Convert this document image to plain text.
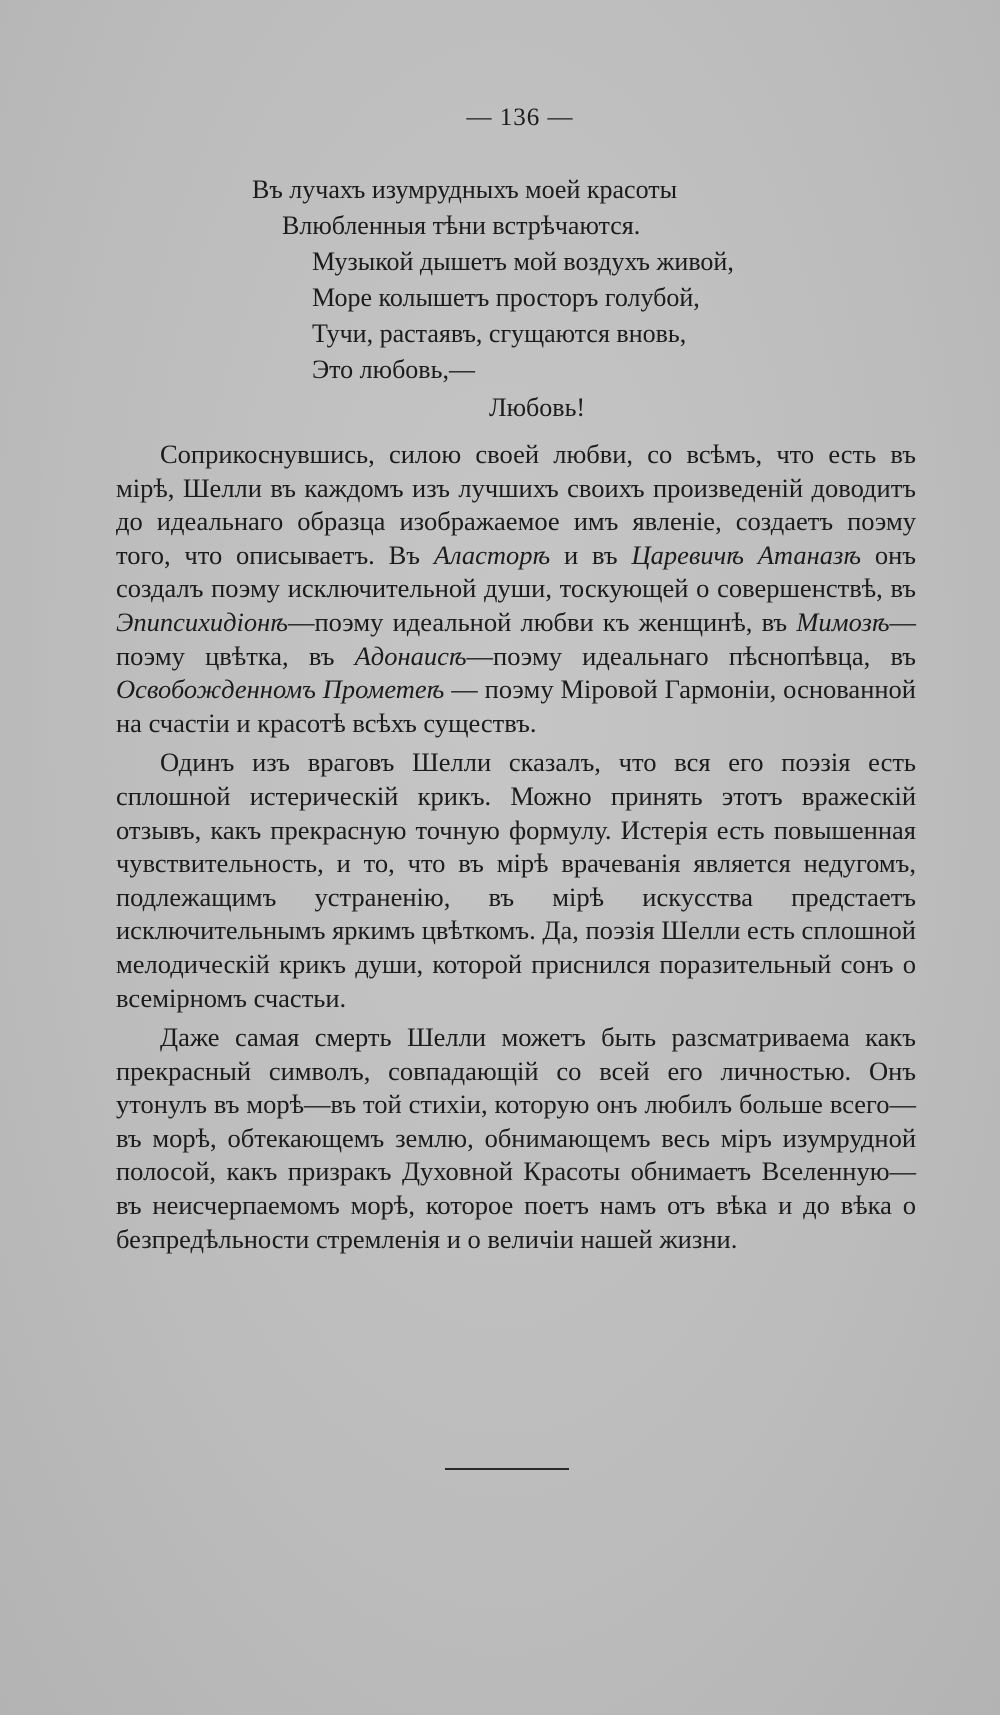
— 136 —
Въ лучахъ изумрудныхъ моей красоты
Влюбленныя тѣни встрѣчаются.
Музыкой дышетъ мой воздухъ живой,
Море колышетъ просторъ голубой,
Тучи, растаявъ, сгущаются вновь,
Это любовь,—
Любовь!

Соприкоснувшись, силою своей любви, со всѣмъ, что есть въ мірѣ, Шелли въ каждомъ изъ лучшихъ своихъ произведеній доводитъ до идеальнаго образца изображаемое имъ явленіе, создаетъ поэму того, что описываетъ. Въ Аласторѣ и въ Царевичѣ Атаназѣ онъ создалъ поэму исключительной души, тоскующей о совершенствѣ, въ Эпипсихидіонѣ—поэму идеальной любви къ женщинѣ, въ Мимозѣ—поэму цвѣтка, въ Адонаисѣ—поэму идеальнаго пѣснопѣвца, въ Освобожденномъ Прометеѣ — поэму Міровой Гармоніи, основанной на счастіи и красотѣ всѣхъ существъ.

Одинъ изъ враговъ Шелли сказалъ, что вся его поэзія есть сплошной истерическій крикъ. Можно принять этотъ вражескій отзывъ, какъ прекрасную точную формулу. Истерія есть повышенная чувствительность, и то, что въ мірѣ врачеванія является недугомъ, подлежащимъ устраненію, въ мірѣ искусства предстаетъ исключительнымъ яркимъ цвѣткомъ. Да, поэзія Шелли есть сплошной мелодическій крикъ души, которой приснился поразительный сонъ о всемірномъ счастьи.

Даже самая смерть Шелли можетъ быть разсматриваема какъ прекрасный символъ, совпадающій со всей его личностью. Онъ утонулъ въ морѣ—въ той стихіи, которую онъ любилъ больше всего—въ морѣ, обтекающемъ землю, обнимающемъ весь міръ изумрудной полосой, какъ призракъ Духовной Красоты обнимаетъ Вселенную—въ неисчерпаемомъ морѣ, которое поетъ намъ отъ вѣка и до вѣка о безпредѣльности стремленія и о величіи нашей жизни.
